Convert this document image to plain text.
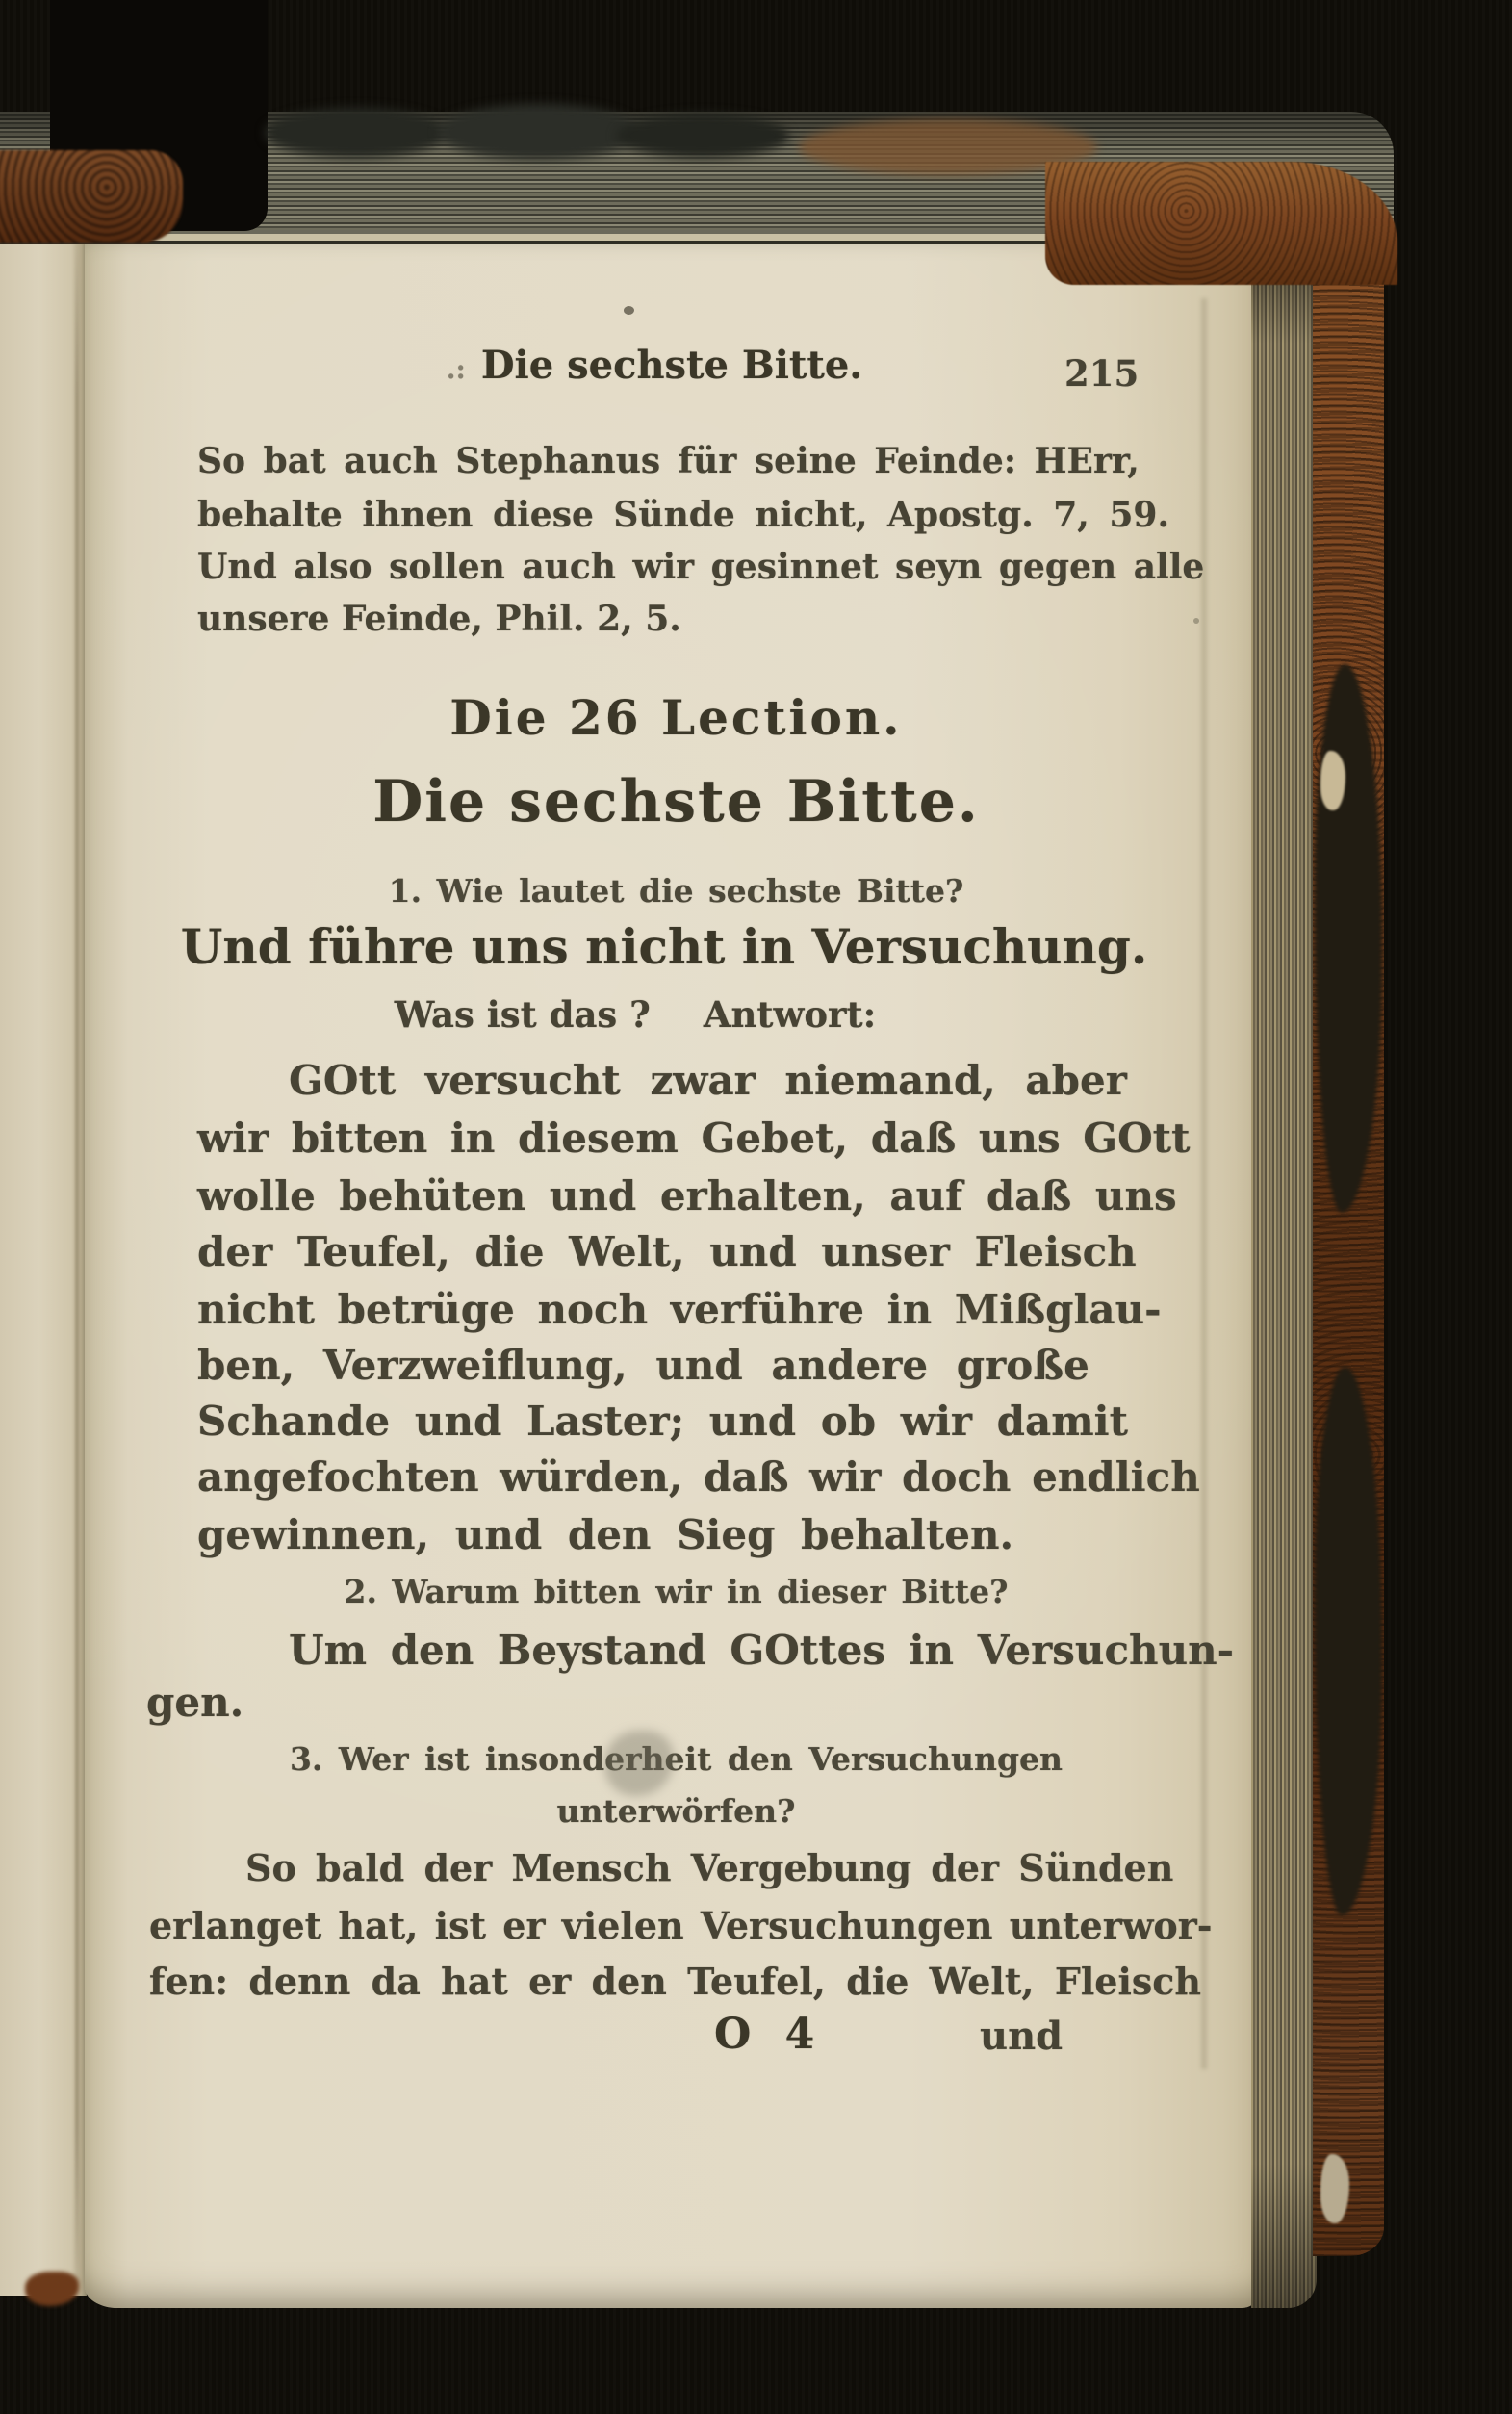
.: Die sechste Bitte.	215
So bat auch Stephanus für seine Feinde: HErr,
behalte ihnen diese Sünde nicht, Apostg. 7, 59.
Und also sollen auch wir gesinnet seyn gegen alle
unsere Feinde, Phil. 2, 5.
Die 26 Lection.
Die sechste Bitte.
1. Wie lautet die sechste Bitte?
Und führe uns nicht in Versuchung.
Was ist das ? Antwort:
GOtt versucht zwar niemand, aber
wir bitten in diesem Gebet, daß uns GOtt
wolle behüten und erhalten, auf daß uns
der Teufel, die Welt, und unser Fleisch
nicht betrüge noch verführe in Mißglau-
ben, Verzweiflung, und andere große
Schande und Laster; und ob wir damit
angefochten würden, daß wir doch endlich
gewinnen, und den Sieg behalten.
2. Warum bitten wir in dieser Bitte?
Um den Beystand GOttes in Versuchun-
gen.
3. Wer ist insonderheit den Versuchungen
unterwörfen?
So bald der Mensch Vergebung der Sünden
erlanget hat, ist er vielen Versuchungen unterwor-
fen: denn da hat er den Teufel, die Welt, Fleisch
O 4	und
